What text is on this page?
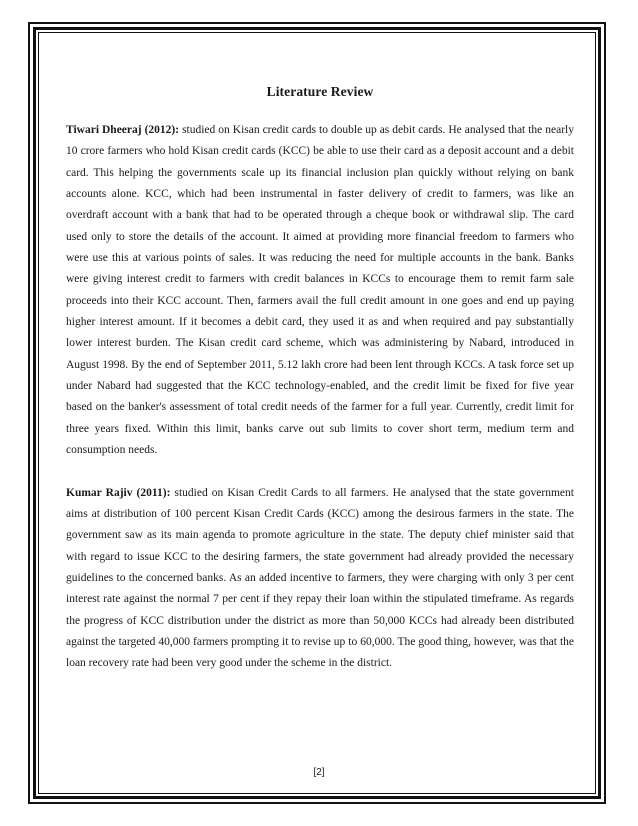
Literature Review

Tiwari Dheeraj (2012): studied on Kisan credit cards to double up as debit cards. He analysed that the nearly 10 crore farmers who hold Kisan credit cards (KCC) be able to use their card as a deposit account and a debit card. This helping the governments scale up its financial inclusion plan quickly without relying on bank accounts alone. KCC, which had been instrumental in faster delivery of credit to farmers, was like an overdraft account with a bank that had to be operated through a cheque book or withdrawal slip. The card used only to store the details of the account. It aimed at providing more financial freedom to farmers who were use this at various points of sales. It was reducing the need for multiple accounts in the bank. Banks were giving interest credit to farmers with credit balances in KCCs to encourage them to remit farm sale proceeds into their KCC account. Then, farmers avail the full credit amount in one goes and end up paying higher interest amount. If it becomes a debit card, they used it as and when required and pay substantially lower interest burden. The Kisan credit card scheme, which was administering by Nabard, introduced in August 1998. By the end of September 2011, 5.12 lakh crore had been lent through KCCs. A task force set up under Nabard had suggested that the KCC technology-enabled, and the credit limit be fixed for five year based on the banker's assessment of total credit needs of the farmer for a full year. Currently, credit limit for three years fixed. Within this limit, banks carve out sub limits to cover short term, medium term and consumption needs.

Kumar Rajiv (2011): studied on Kisan Credit Cards to all farmers. He analysed that the state government aims at distribution of 100 percent Kisan Credit Cards (KCC) among the desirous farmers in the state. The government saw as its main agenda to promote agriculture in the state. The deputy chief minister said that with regard to issue KCC to the desiring farmers, the state government had already provided the necessary guidelines to the concerned banks. As an added incentive to farmers, they were charging with only 3 per cent interest rate against the normal 7 per cent if they repay their loan within the stipulated timeframe. As regards the progress of KCC distribution under the district as more than 50,000 KCCs had already been distributed against the targeted 40,000 farmers prompting it to revise up to 60,000. The good thing, however, was that the loan recovery rate had been very good under the scheme in the district.

[2]
